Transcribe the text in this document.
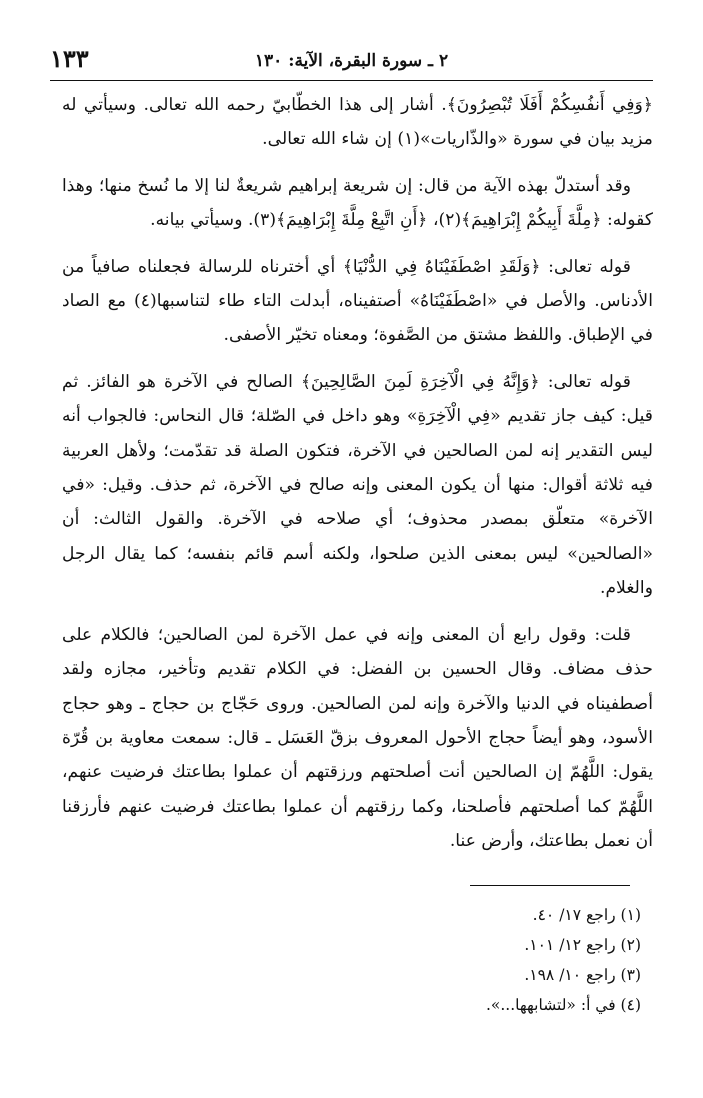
١٣٣	٢ ـ سورة البقرة، الآية: ١٣٠

﴿وَفِي أَنفُسِكُمْ أَفَلَا تُبْصِرُونَ﴾. أشار إلى هذا الخطّابيّ رحمه الله تعالى. وسيأتي له مزيد بيان في سورة «والذّاريات»(١) إن شاء الله تعالى.

وقد أستدلّ بهذه الآية من قال: إن شريعة إبراهيم شريعةٌ لنا إلا ما نُسخ منها؛ وهذا كقوله: ﴿مِلَّةَ أَبِيكُمْ إِبْرَاهِيمَ﴾(٢)، ﴿أَنِ اتَّبِعْ مِلَّةَ إِبْرَاهِيمَ﴾(٣). وسيأتي بيانه.

قوله تعالى: ﴿وَلَقَدِ اصْطَفَيْنَاهُ فِي الدُّنْيَا﴾ أي أخترناه للرسالة فجعلناه صافياً من الأدناس. والأصل في «اصْطَفَيْنَاهُ» أصتفيناه، أبدلت التاء طاء لتناسبها(٤) مع الصاد في الإطباق. واللفظ مشتق من الصَّفوة؛ ومعناه تخيّر الأصفى.

قوله تعالى: ﴿وَإِنَّهُ فِي الْآخِرَةِ لَمِنَ الصَّالِحِينَ﴾ الصالح في الآخرة هو الفائز. ثم قيل: كيف جاز تقديم «فِي الْآخِرَةِ» وهو داخل في الصّلة؛ قال النحاس: فالجواب أنه ليس التقدير إنه لمن الصالحين في الآخرة، فتكون الصلة قد تقدّمت؛ ولأهل العربية فيه ثلاثة أقوال: منها أن يكون المعنى وإنه صالح في الآخرة، ثم حذف. وقيل: «في الآخرة» متعلّق بمصدر محذوف؛ أي صلاحه في الآخرة. والقول الثالث: أن «الصالحين» ليس بمعنى الذين صلحوا، ولكنه أسم قائم بنفسه؛ كما يقال الرجل والغلام.

قلت: وقول رابع أن المعنى وإنه في عمل الآخرة لمن الصالحين؛ فالكلام على حذف مضاف. وقال الحسين بن الفضل: في الكلام تقديم وتأخير، مجازه ولقد أصطفيناه في الدنيا والآخرة وإنه لمن الصالحين. وروى حَجّاج بن حجاج ـ وهو حجاج الأسود، وهو أيضاً حجاج الأحول المعروف بزقّ العَسَل ـ قال: سمعت معاوية بن قُرّة يقول: اللَّهُمّ إن الصالحين أنت أصلحتهم ورزقتهم أن عملوا بطاعتك فرضيت عنهم، اللَّهُمّ كما أصلحتهم فأصلحنا، وكما رزقتهم أن عملوا بطاعتك فرضيت عنهم فأرزقنا أن نعمل بطاعتك، وأرض عنا.

(١) راجع ١٧/ ٤٠.

(٢) راجع ١٢/ ١٠١.

(٣) راجع ١٠/ ١٩٨.

(٤) في أ: «لتشابهها...».
